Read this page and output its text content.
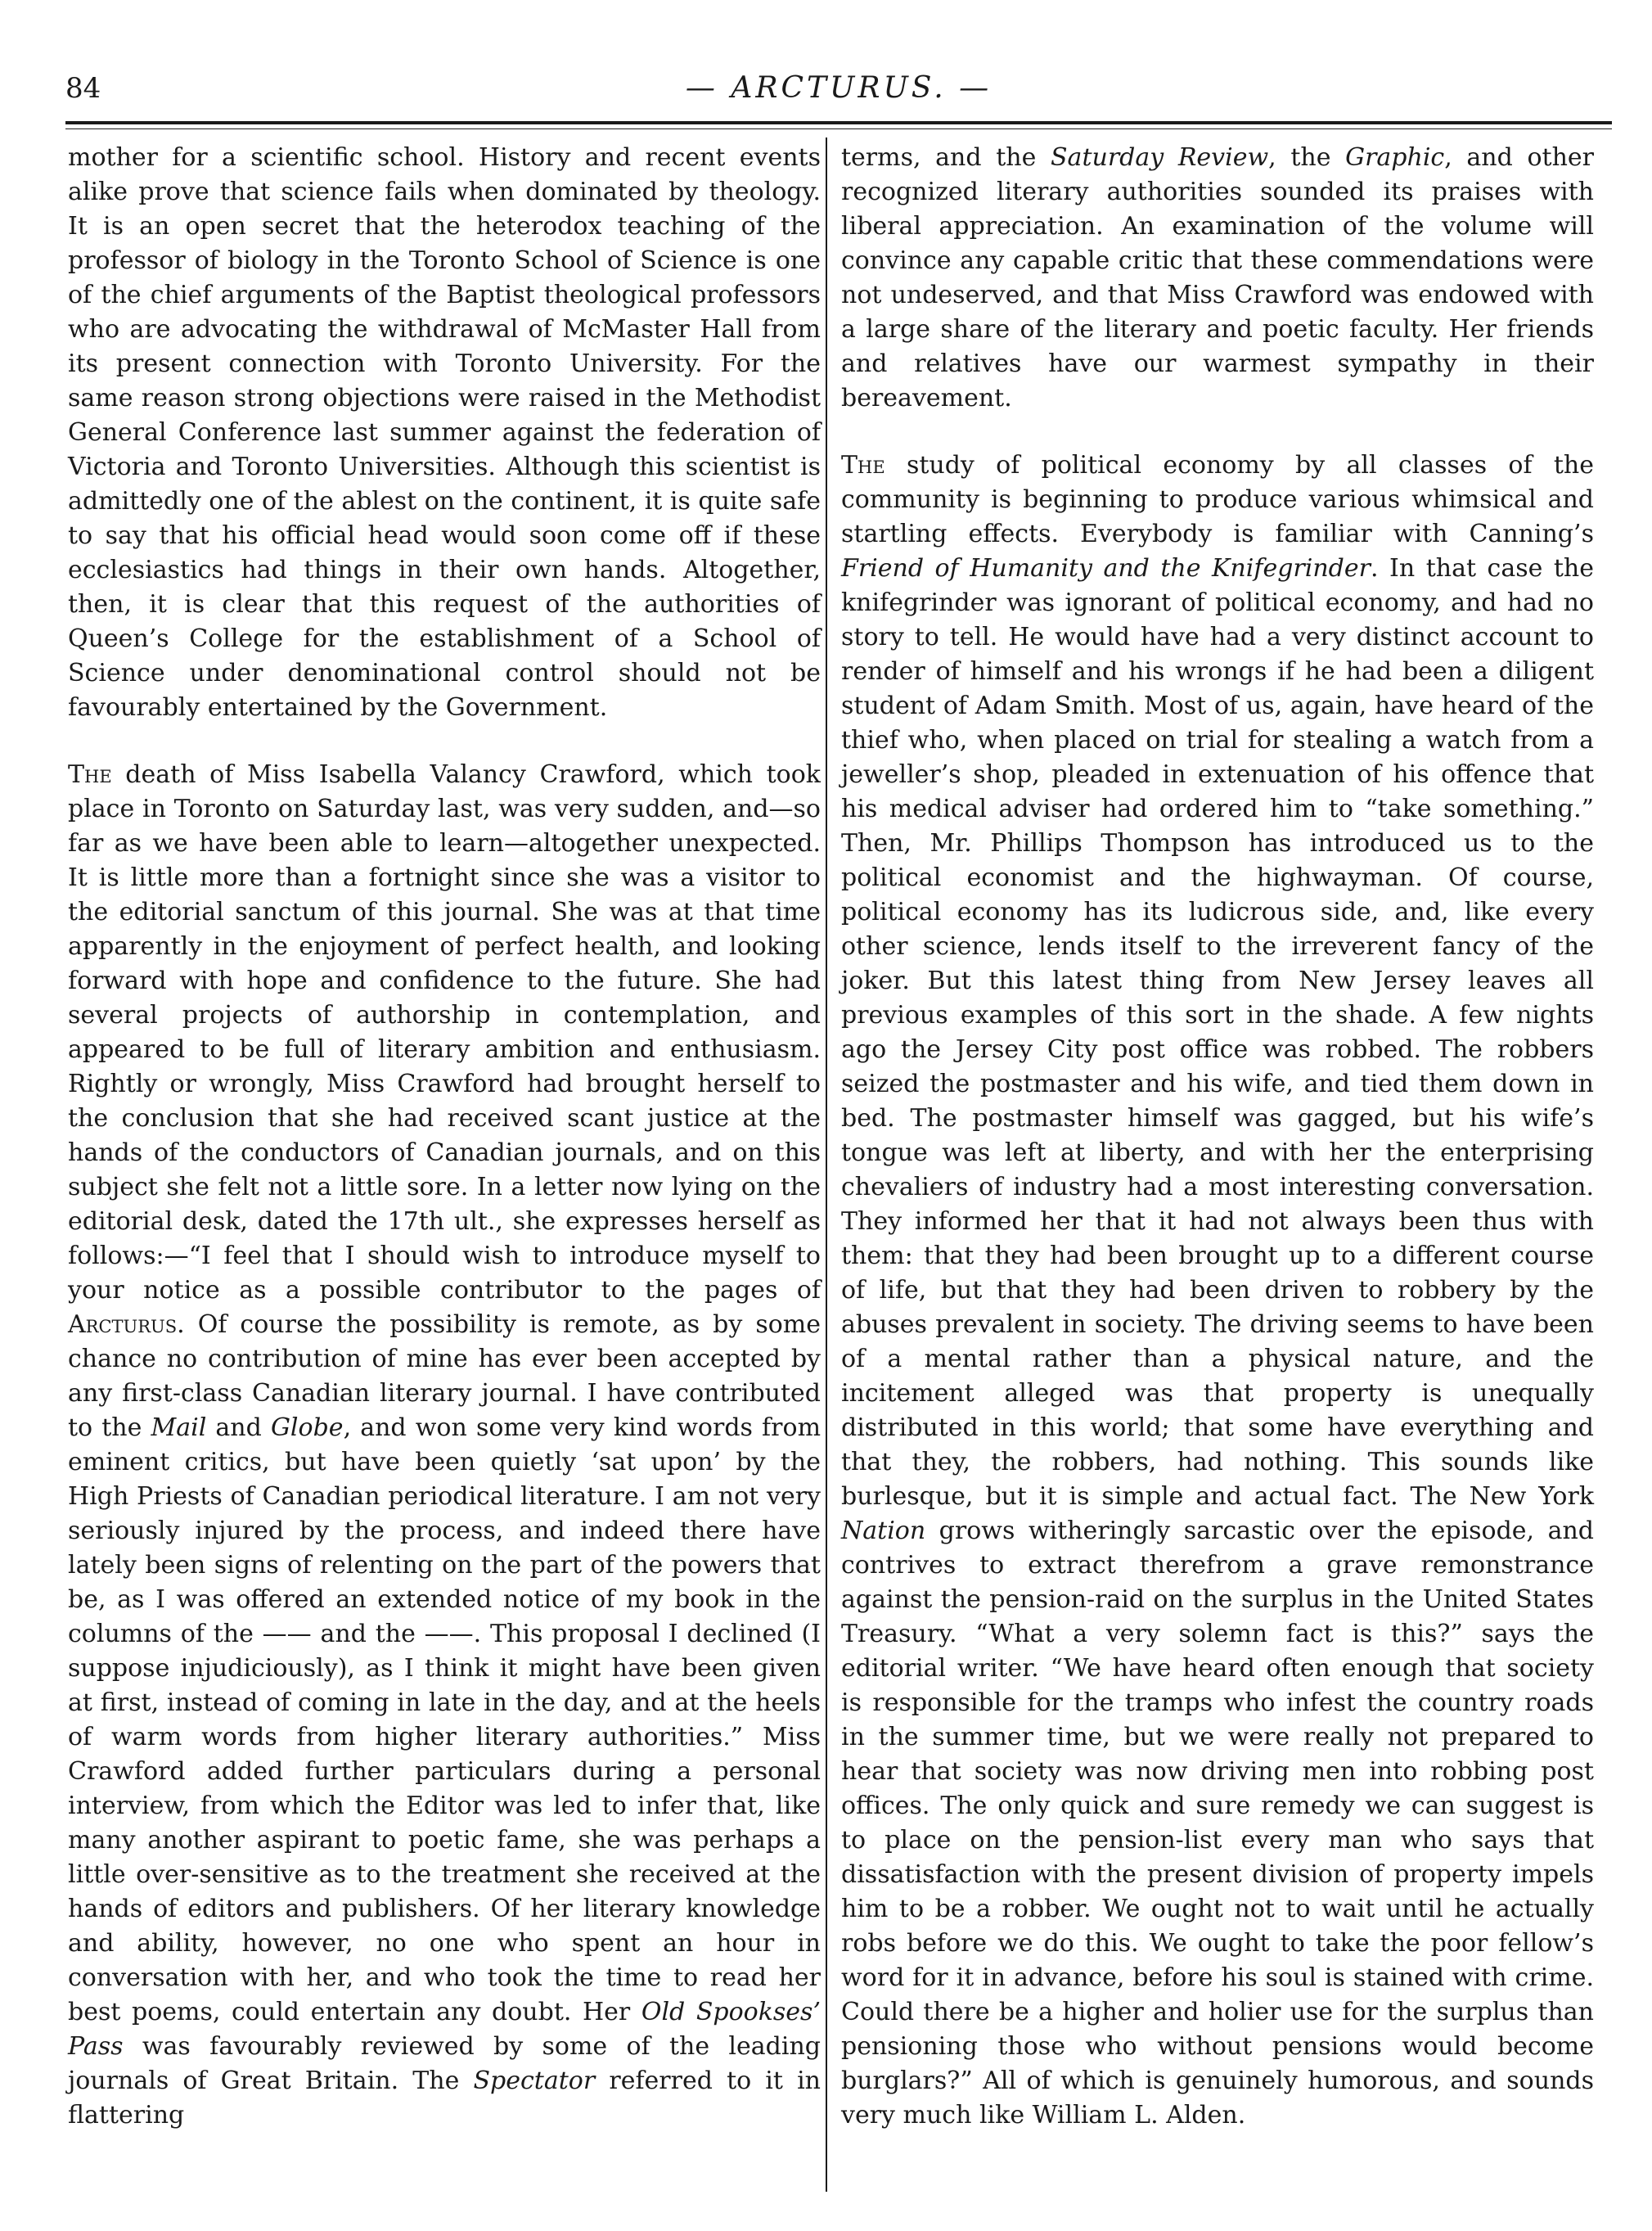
84	— ARCTURUS. —

mother for a scientific school. History and recent events alike prove that science fails when dominated by theology. It is an open secret that the heterodox teaching of the professor of biology in the Toronto School of Science is one of the chief arguments of the Baptist theological professors who are advocating the withdrawal of McMaster Hall from its present connection with Toronto University. For the same reason strong objections were raised in the Methodist General Conference last summer against the federation of Victoria and Toronto Universities. Although this scientist is admittedly one of the ablest on the continent, it is quite safe to say that his official head would soon come off if these ecclesiastics had things in their own hands. Altogether, then, it is clear that this request of the authorities of Queen’s College for the establishment of a School of Science under denominational control should not be favourably entertained by the Government.

The death of Miss Isabella Valancy Crawford, which took place in Toronto on Saturday last, was very sudden, and—so far as we have been able to learn—altogether unexpected. It is little more than a fortnight since she was a visitor to the editorial sanctum of this journal. She was at that time apparently in the enjoyment of perfect health, and looking forward with hope and confidence to the future. She had several projects of authorship in contemplation, and appeared to be full of literary ambition and enthusiasm. Rightly or wrongly, Miss Crawford had brought herself to the conclusion that she had received scant justice at the hands of the conductors of Canadian journals, and on this subject she felt not a little sore. In a letter now lying on the editorial desk, dated the 17th ult., she expresses herself as follows:—“I feel that I should wish to introduce myself to your notice as a possible contributor to the pages of Arcturus. Of course the possibility is remote, as by some chance no contribution of mine has ever been accepted by any first-class Canadian literary journal. I have contributed to the Mail and Globe, and won some very kind words from eminent critics, but have been quietly ‘sat upon’ by the High Priests of Canadian periodical literature. I am not very seriously injured by the process, and indeed there have lately been signs of relenting on the part of the powers that be, as I was offered an extended notice of my book in the columns of the —— and the ——. This proposal I declined (I suppose injudiciously), as I think it might have been given at first, instead of coming in late in the day, and at the heels of warm words from higher literary authorities.” Miss Crawford added further particulars during a personal interview, from which the Editor was led to infer that, like many another aspirant to poetic fame, she was perhaps a little over-sensitive as to the treatment she received at the hands of editors and publishers. Of her literary knowledge and ability, however, no one who spent an hour in conversation with her, and who took the time to read her best poems, could entertain any doubt. Her Old Spookses’ Pass was favourably reviewed by some of the leading journals of Great Britain. The Spectator referred to it in flattering

terms, and the Saturday Review, the Graphic, and other recognized literary authorities sounded its praises with liberal appreciation. An examination of the volume will convince any capable critic that these commendations were not undeserved, and that Miss Crawford was endowed with a large share of the literary and poetic faculty. Her friends and relatives have our warmest sympathy in their bereavement.

The study of political economy by all classes of the community is beginning to produce various whimsical and startling effects. Everybody is familiar with Canning’s Friend of Humanity and the Knifegrinder. In that case the knifegrinder was ignorant of political economy, and had no story to tell. He would have had a very distinct account to render of himself and his wrongs if he had been a diligent student of Adam Smith. Most of us, again, have heard of the thief who, when placed on trial for stealing a watch from a jeweller’s shop, pleaded in extenuation of his offence that his medical adviser had ordered him to “take something.” Then, Mr. Phillips Thompson has introduced us to the political economist and the highwayman. Of course, political economy has its ludicrous side, and, like every other science, lends itself to the irreverent fancy of the joker. But this latest thing from New Jersey leaves all previous examples of this sort in the shade. A few nights ago the Jersey City post office was robbed. The robbers seized the postmaster and his wife, and tied them down in bed. The postmaster himself was gagged, but his wife’s tongue was left at liberty, and with her the enterprising chevaliers of industry had a most interesting conversation. They informed her that it had not always been thus with them: that they had been brought up to a different course of life, but that they had been driven to robbery by the abuses prevalent in society. The driving seems to have been of a mental rather than a physical nature, and the incitement alleged was that property is unequally distributed in this world; that some have everything and that they, the robbers, had nothing. This sounds like burlesque, but it is simple and actual fact. The New York Nation grows witheringly sarcastic over the episode, and contrives to extract therefrom a grave remonstrance against the pension-raid on the surplus in the United States Treasury. “What a very solemn fact is this?” says the editorial writer. “We have heard often enough that society is responsible for the tramps who infest the country roads in the summer time, but we were really not prepared to hear that society was now driving men into robbing post offices. The only quick and sure remedy we can suggest is to place on the pension-list every man who says that dissatisfaction with the present division of property impels him to be a robber. We ought not to wait until he actually robs before we do this. We ought to take the poor fellow’s word for it in advance, before his soul is stained with crime. Could there be a higher and holier use for the surplus than pensioning those who without pensions would become burglars?” All of which is genuinely humorous, and sounds very much like William L. Alden.
